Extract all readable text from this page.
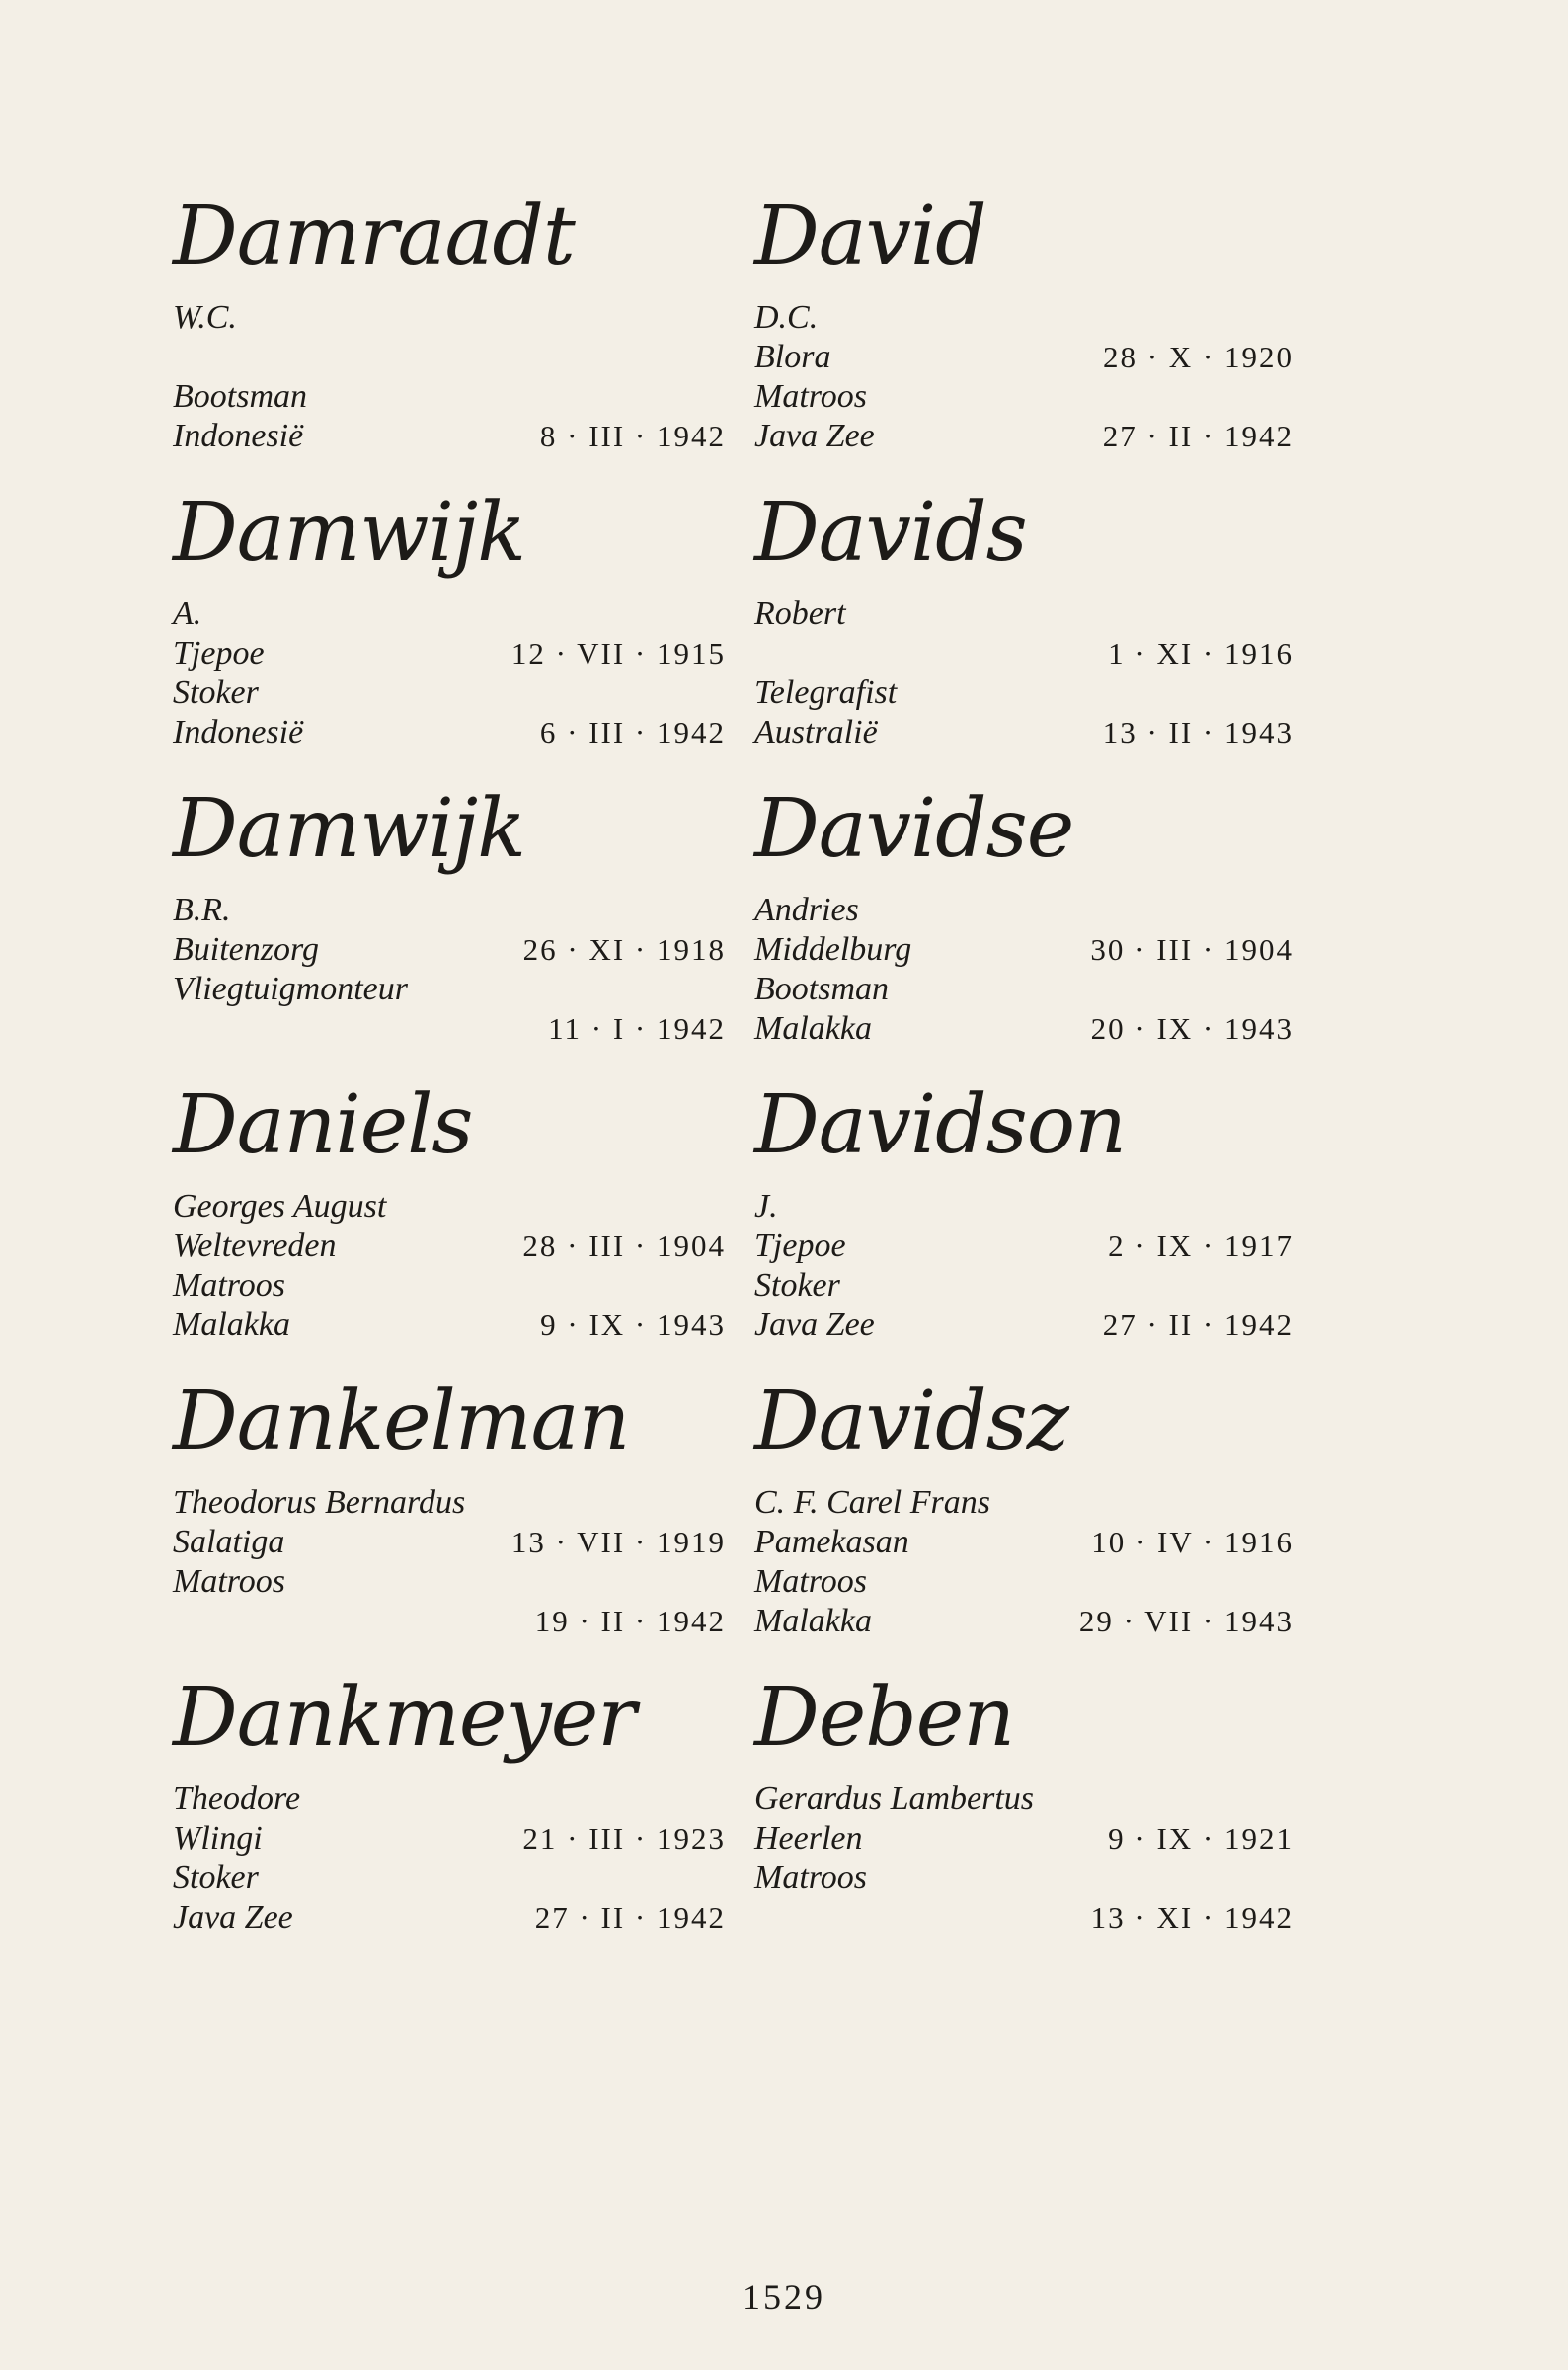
Damraadt
W.C.
Bootsman
Indonesië	8 · III · 1942
Damwijk
A.
Tjepoe	12 · VII · 1915
Stoker
Indonesië	6 · III · 1942
Damwijk
B.R.
Buitenzorg	26 · XI · 1918
Vliegtuigmonteur
11 · I · 1942
Daniels
Georges August
Weltevreden	28 · III · 1904
Matroos
Malakka	9 · IX · 1943
Dankelman
Theodorus Bernardus
Salatiga	13 · VII · 1919
Matroos
19 · II · 1942
Dankmeyer
Theodore
Wlingi	21 · III · 1923
Stoker
Java Zee	27 · II · 1942
David
D.C.
Blora	28 · X · 1920
Matroos
Java Zee	27 · II · 1942
Davids
Robert
1 · XI · 1916
Telegrafist
Australië	13 · II · 1943
Davidse
Andries
Middelburg	30 · III · 1904
Bootsman
Malakka	20 · IX · 1943
Davidson
J.
Tjepoe	2 · IX · 1917
Stoker
Java Zee	27 · II · 1942
Davidsz
C. F. Carel Frans
Pamekasan	10 · IV · 1916
Matroos
Malakka	29 · VII · 1943
Deben
Gerardus Lambertus
Heerlen	9 · IX · 1921
Matroos
13 · XI · 1942
1529
